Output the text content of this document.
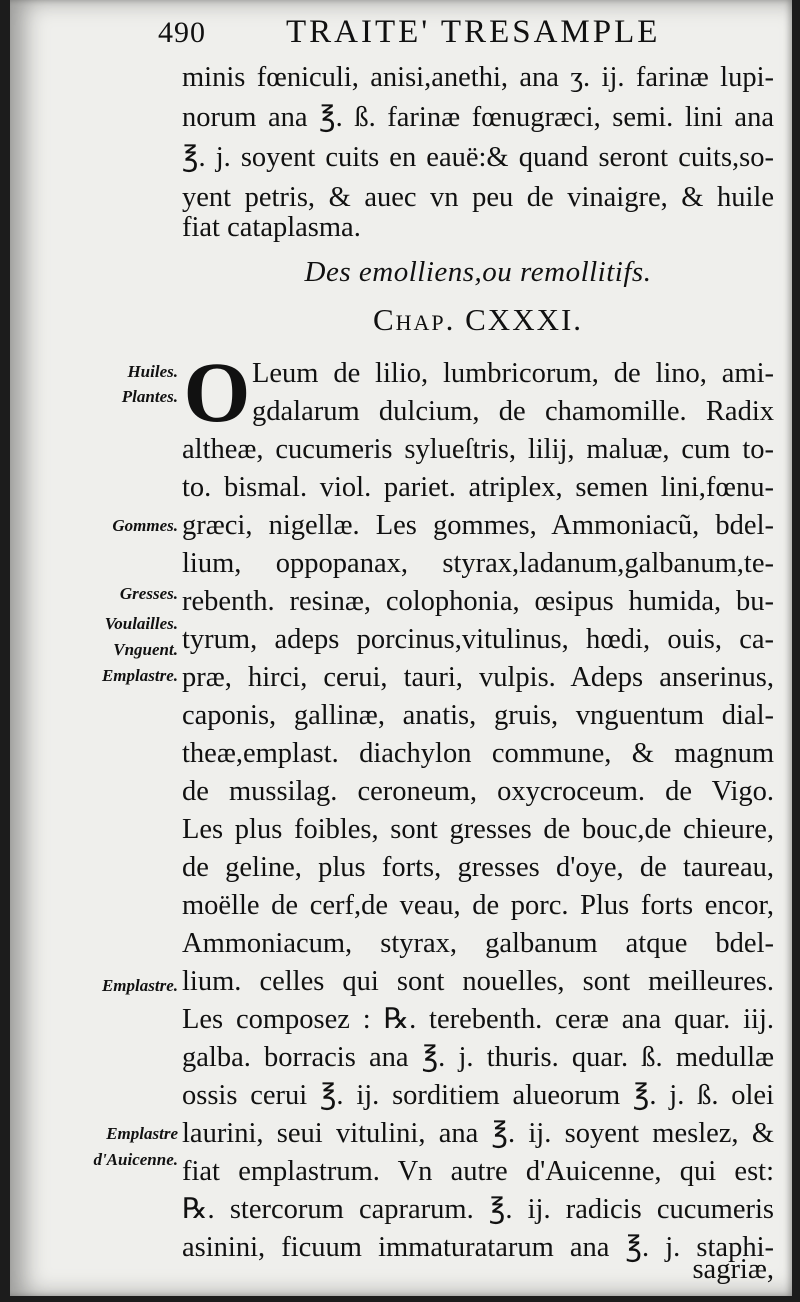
490 TRAITE' TRESAMPLE
minis fœniculi, anisi,anethi, ana ʒ. ij. farinæ lupi-
norum ana ℥. ß. farinæ fœnugræci, semi. lini ana
℥. j. soyent cuits en eauë:& quand seront cuits,so-
yent petris, & auec vn peu de vinaigre, & huile
fiat cataplasma.
Des emolliens,ou remollitifs.
Chap. CXXXI.
O Leum de lilio, lumbricorum, de lino, ami-
gdalarum dulcium, de chamomille. Radix
altheæ, cucumeris sylueſtris, lilij, maluæ, cum to-
to. bismal. viol. pariet. atriplex, semen lini,fœnu-
græci, nigellæ. Les gommes, Ammoniacũ, bdel-
lium, oppopanax, styrax,ladanum,galbanum,te-
rebenth. resinæ, colophonia, œsipus humida, bu-
tyrum, adeps porcinus,vitulinus, hœdi, ouis, ca-
præ, hirci, cerui, tauri, vulpis. Adeps anserinus,
caponis, gallinæ, anatis, gruis, vnguentum dial-
theæ,emplast. diachylon commune, & magnum
de mussilag. ceroneum, oxycroceum. de Vigo.
Les plus foibles, sont gresses de bouc,de chieure,
de geline, plus forts, gresses d'oye, de taureau,
moëlle de cerf,de veau, de porc. Plus forts encor,
Ammoniacum, styrax, galbanum atque bdel-
lium. celles qui sont nouelles, sont meilleures.
Les composez : ℞. terebenth. ceræ ana quar. iij.
galba. borracis ana ℥. j. thuris. quar. ß. medullæ
ossis cerui ℥. ij. sorditiem alueorum ℥. j. ß. olei
laurini, seui vitulini, ana ℥. ij. soyent meslez, &
fiat emplastrum. Vn autre d'Auicenne, qui est:
℞. stercorum caprarum. ℥. ij. radicis cucumeris
asinini, ficuum immaturatarum ana ℥. j. staphi-
sagriæ,
Huiles.
Plantes.
Gommes.
Gresses.
Voulailles.
Vnguent.
Emplastre.
Emplastre.
Emplastre
d'Auicenne.
